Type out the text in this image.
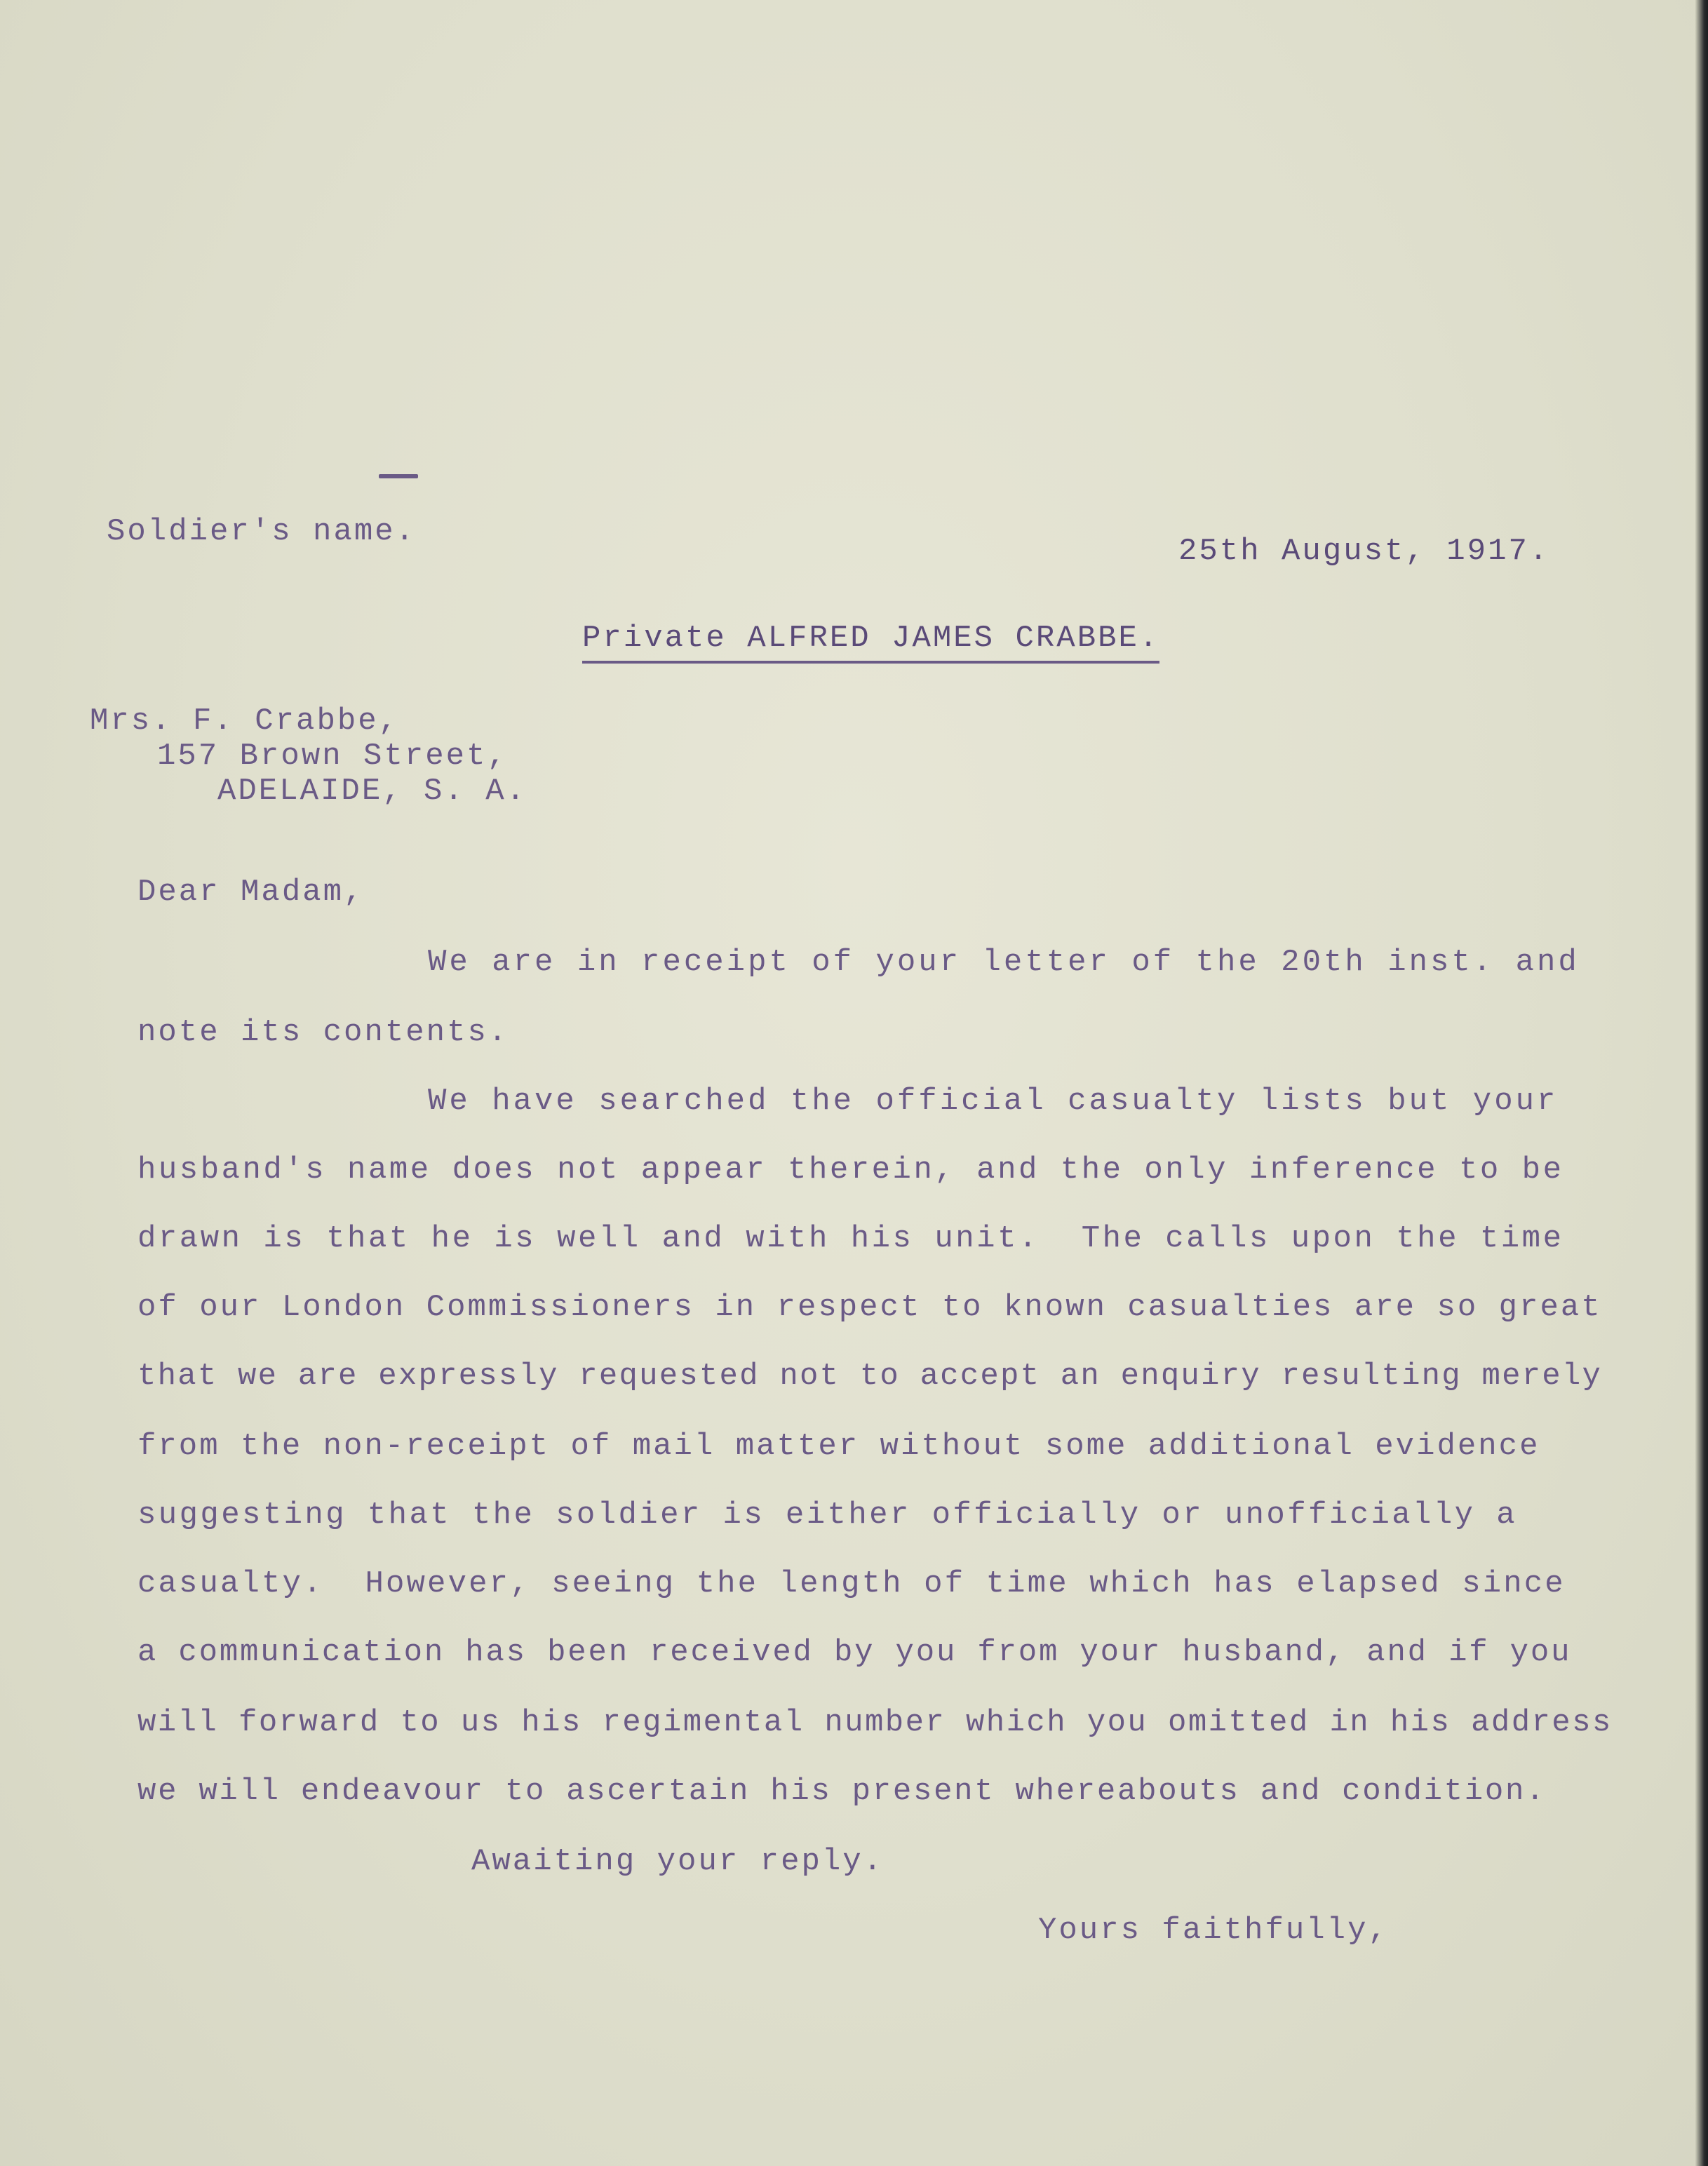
Soldier's name.
25th August, 1917.
Private ALFRED JAMES CRABBE.
Mrs. F. Crabbe,
157 Brown Street,
ADELAIDE, S. A.
Dear Madam,
We are in receipt of your letter of the 20th inst. and
note its contents.
We have searched the official casualty lists but your
husband's name does not appear therein, and the only inference to be
drawn is that he is well and with his unit.  The calls upon the time
of our London Commissioners in respect to known casualties are so great
that we are expressly requested not to accept an enquiry resulting merely
from the non-receipt of mail matter without some additional evidence
suggesting that the soldier is either officially or unofficially a
casualty.  However, seeing the length of time which has elapsed since
a communication has been received by you from your husband, and if you
will forward to us his regimental number which you omitted in his address
we will endeavour to ascertain his present whereabouts and condition.
Awaiting your reply.
Yours faithfully,
